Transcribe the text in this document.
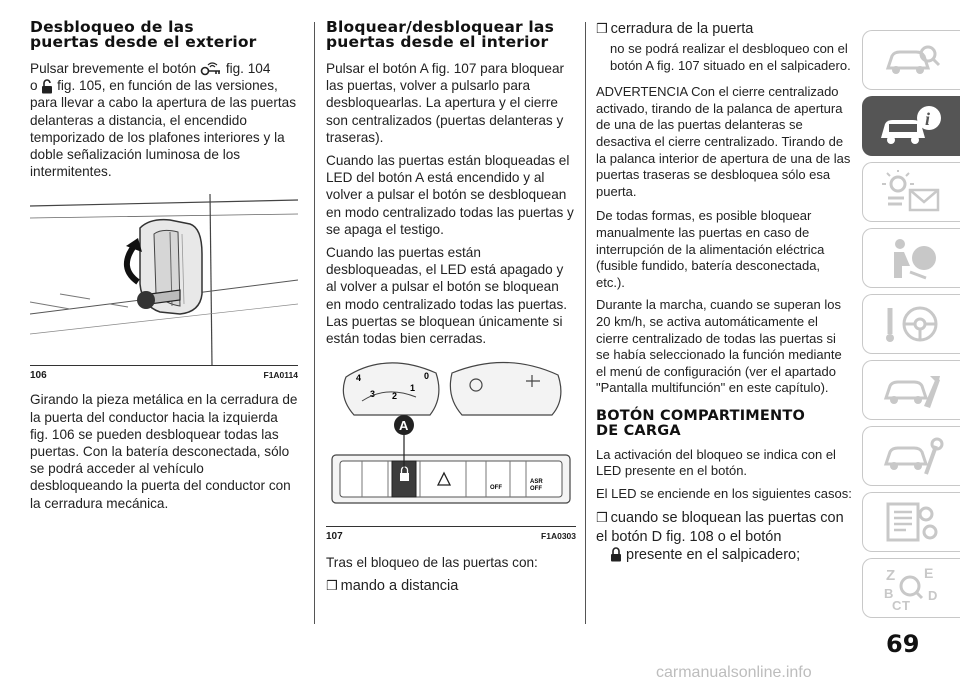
Desbloqueo de las
puertas desde el exterior
Pulsar brevemente el botón fig. 104
o fig. 105, en función de las versiones, para llevar a cabo la apertura de las puertas delanteras a distancia, el encendido temporizado de los plafones interiores y la doble señalización luminosa de los intermitentes.
106	F1A0114
Girando la pieza metálica en la cerradura de la puerta del conductor hacia la izquierda fig. 106 se pueden desbloquear todas las puertas. Con la batería desconectada, sólo se podrá acceder al vehículo desbloqueando la puerta del conductor con la cerradura mecánica.
Bloquear/desbloquear las
puertas desde el interior
Pulsar el botón A fig. 107 para bloquear las puertas, volver a pulsarlo para desbloquearlas. La apertura y el cierre son centralizados (puertas delanteras y traseras).
Cuando las puertas están bloqueadas el LED del botón A está encendido y al volver a pulsar el botón se desbloquean en modo centralizado todas las puertas y se apaga el testigo.
Cuando las puertas están desbloqueadas, el LED está apagado y al volver a pulsar el botón se bloquean en modo centralizado todas las puertas. Las puertas se bloquean únicamente si están todas bien cerradas.
4
3 2
1
0
OFF
ASR
OFF
A
107	F1A0303
Tras el bloqueo de las puertas con:
❒ mando a distancia
❒ cerradura de la puerta
no se podrá realizar el desbloqueo con el botón A fig. 107 situado en el salpicadero.
ADVERTENCIA Con el cierre centralizado activado, tirando de la palanca de apertura de una de las puertas delanteras se desactiva el cierre centralizado. Tirando de la palanca interior de apertura de una de las puertas traseras se desbloquea sólo esa puerta.
De todas formas, es posible bloquear manualmente las puertas en caso de interrupción de la alimentación eléctrica (fusible fundido, batería desconectada, etc.).
Durante la marcha, cuando se superan los 20 km/h, se activa automáticamente el cierre centralizado de todas las puertas si se había seleccionado la función mediante el menú de configuración (ver el apartado "Pantalla multifunción" en este capítulo).
BOTÓN COMPARTIMENTO
DE CARGA
La activación del bloqueo se indica con el LED presente en el botón.
El LED se enciende en los siguientes casos:
❒ cuando se bloquean las puertas con el botón D fig. 108 o el botón
presente en el salpicadero;
i
Z E
B	D
T
C
69
carmanualsonline.info
